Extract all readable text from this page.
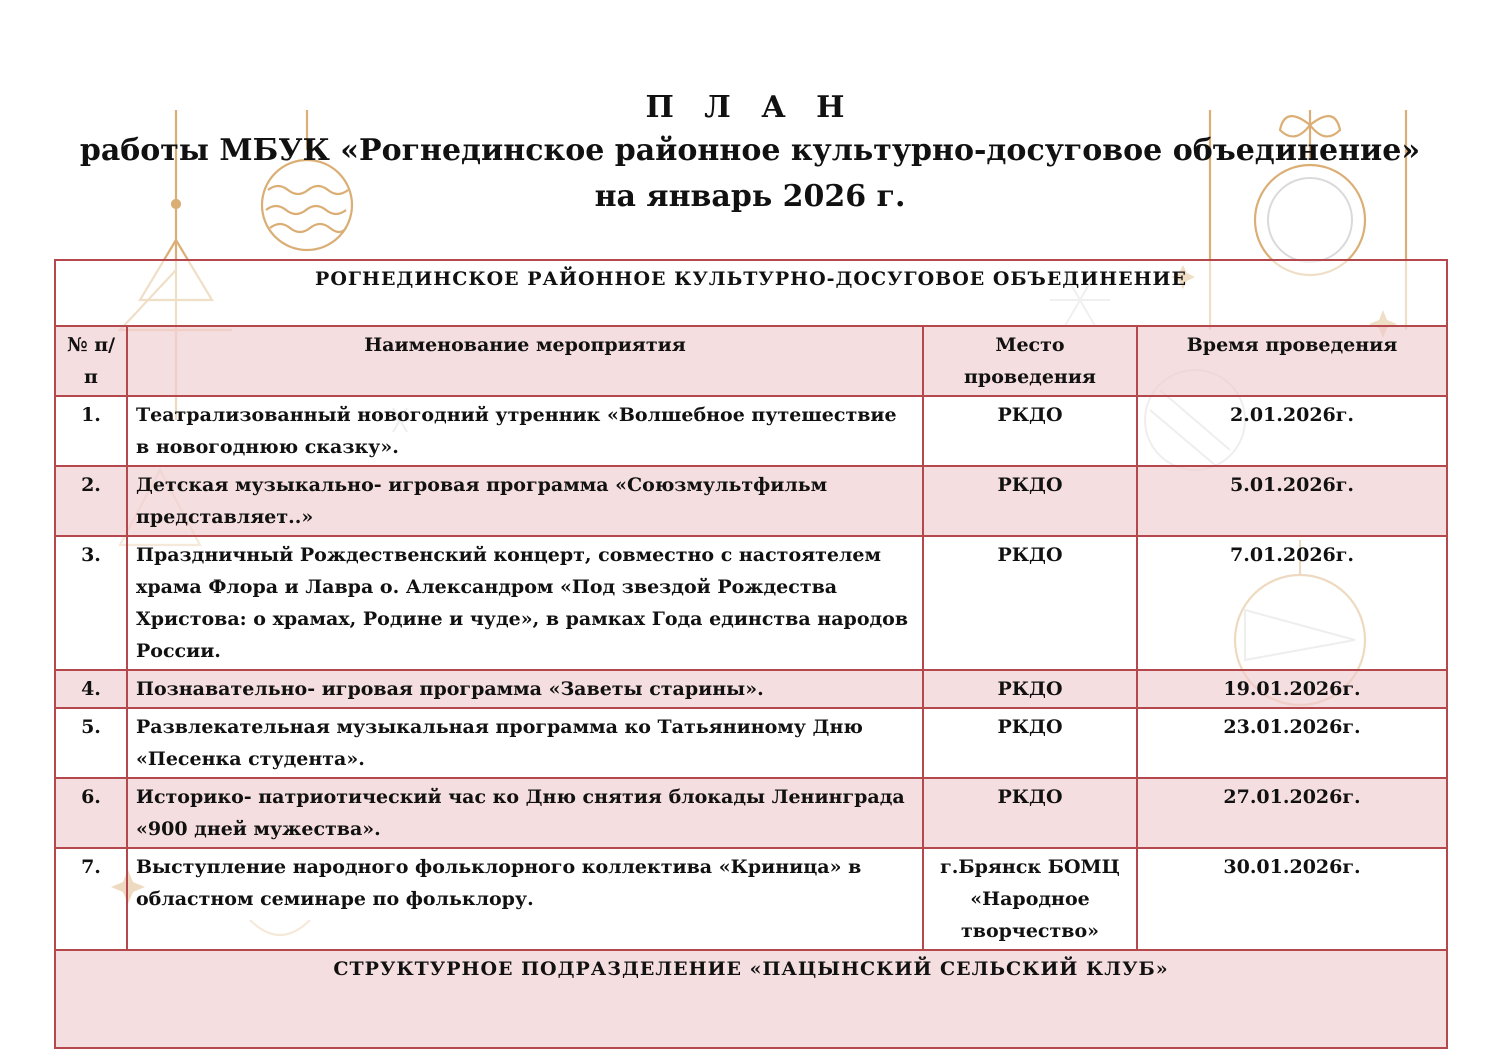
П Л А Н
работы МБУК «Рогнединское районное культурно-досуговое объединение»
на январь 2026 г.
РОГНЕДИНСКОЕ РАЙОННОЕ КУЛЬТУРНО-ДОСУГОВОЕ ОБЪЕДИНЕНИЕ			
№ п/п	Наименование мероприятия	Место проведения	Время проведения
1.	Театрализованный новогодний утренник «Волшебное путешествие в новогоднюю сказку».	РКДО	2.01.2026г.
2.	Детская музыкально- игровая программа «Союзмультфильм представляет..»	РКДО	5.01.2026г.
3.	Праздничный Рождественский концерт, совместно с настоятелем храма Флора и Лавра о. Александром «Под звездой Рождества Христова: о храмах, Родине и чуде», в рамках Года единства народов России.	РКДО	7.01.2026г.
4.	Познавательно- игровая программа «Заветы старины».	РКДО	19.01.2026г.
5.	Развлекательная музыкальная программа ко Татьяниному Дню «Песенка студента».	РКДО	23.01.2026г.
6.	Историко- патриотический час ко Дню снятия блокады Ленинграда «900 дней мужества».	РКДО	27.01.2026г.
7.	Выступление народного фольклорного коллектива «Криница» в областном семинаре по фольклору.	г.Брянск БОМЦ «Народное творчество»	30.01.2026г.
СТРУКТУРНОЕ ПОДРАЗДЕЛЕНИЕ «ПАЦЫНСКИЙ СЕЛЬСКИЙ КЛУБ»			
